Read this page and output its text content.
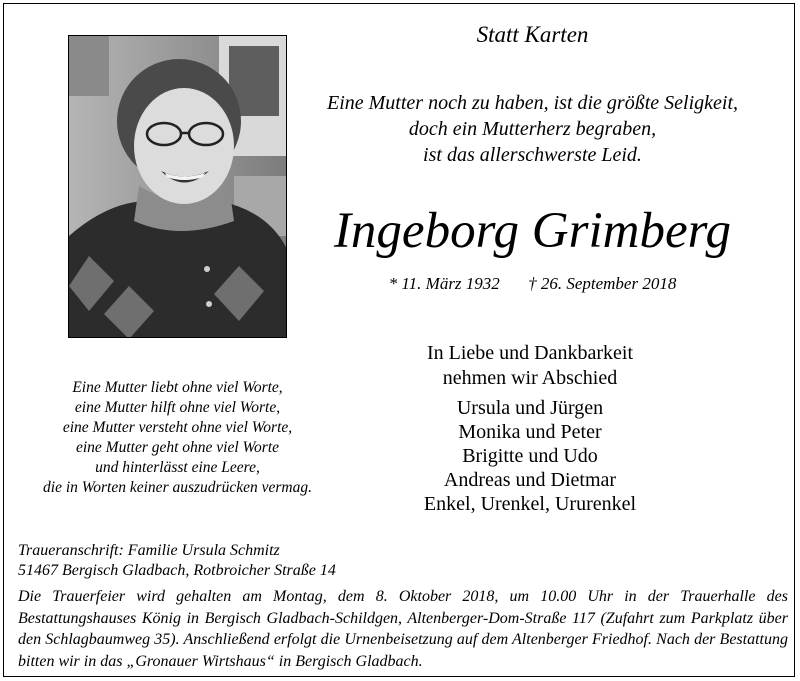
Statt Karten
Eine Mutter noch zu haben, ist die größte Seligkeit,
doch ein Mutterherz begraben,
ist das allerschwerste Leid.
Ingeborg Grimberg
* 11. März 1932 † 26. September 2018
In Liebe und Dankbarkeit
nehmen wir Abschied
Ursula und Jürgen
Monika und Peter
Brigitte und Udo
Andreas und Dietmar
Enkel, Urenkel, Ururenkel
Eine Mutter liebt ohne viel Worte,
eine Mutter hilft ohne viel Worte,
eine Mutter versteht ohne viel Worte,
eine Mutter geht ohne viel Worte
und hinterlässt eine Leere,
die in Worten keiner auszudrücken vermag.
Traueranschrift: Familie Ursula Schmitz
51467 Bergisch Gladbach, Rotbroicher Straße 14
Die Trauerfeier wird gehalten am Montag, dem 8. Oktober 2018, um 10.00 Uhr in der Trauerhalle des Bestattungshauses König in Bergisch Gladbach-Schildgen, Altenberger-Dom-Straße 117 (Zufahrt zum Parkplatz über den Schlagbaumweg 35). Anschließend erfolgt die Urnenbeisetzung auf dem Altenberger Friedhof. Nach der Bestattung bitten wir in das „Gronauer Wirtshaus“ in Bergisch Gladbach.
